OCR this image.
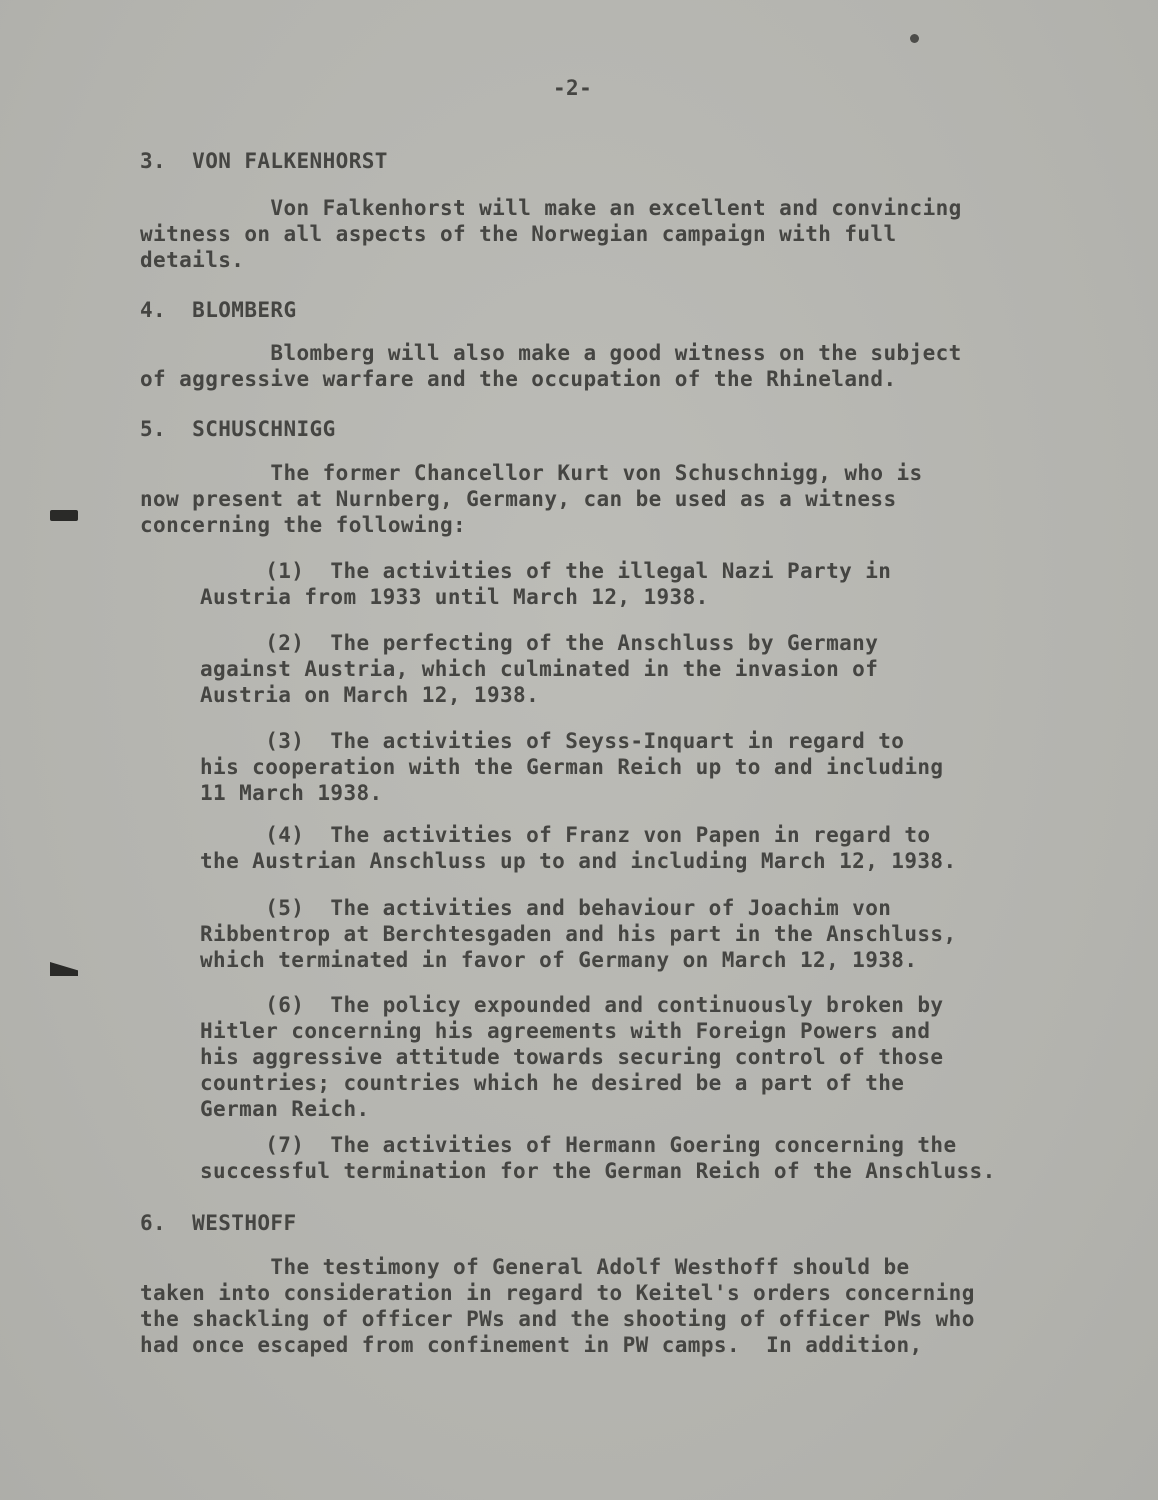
-2-
3.  VON FALKENHORST
Von Falkenhorst will make an excellent and convincing
witness on all aspects of the Norwegian campaign with full
details.
4.  BLOMBERG
Blomberg will also make a good witness on the subject
of aggressive warfare and the occupation of the Rhineland.
5.  SCHUSCHNIGG
The former Chancellor Kurt von Schuschnigg, who is
now present at Nurnberg, Germany, can be used as a witness
concerning the following:
(1)  The activities of the illegal Nazi Party in
Austria from 1933 until March 12, 1938.
(2)  The perfecting of the Anschluss by Germany
against Austria, which culminated in the invasion of
Austria on March 12, 1938.
(3)  The activities of Seyss-Inquart in regard to
his cooperation with the German Reich up to and including
11 March 1938.
(4)  The activities of Franz von Papen in regard to
the Austrian Anschluss up to and including March 12, 1938.
(5)  The activities and behaviour of Joachim von
Ribbentrop at Berchtesgaden and his part in the Anschluss,
which terminated in favor of Germany on March 12, 1938.
(6)  The policy expounded and continuously broken by
Hitler concerning his agreements with Foreign Powers and
his aggressive attitude towards securing control of those
countries; countries which he desired be a part of the
German Reich.
(7)  The activities of Hermann Goering concerning the
successful termination for the German Reich of the Anschluss.
6.  WESTHOFF
The testimony of General Adolf Westhoff should be
taken into consideration in regard to Keitel's orders concerning
the shackling of officer PWs and the shooting of officer PWs who
had once escaped from confinement in PW camps.  In addition,
